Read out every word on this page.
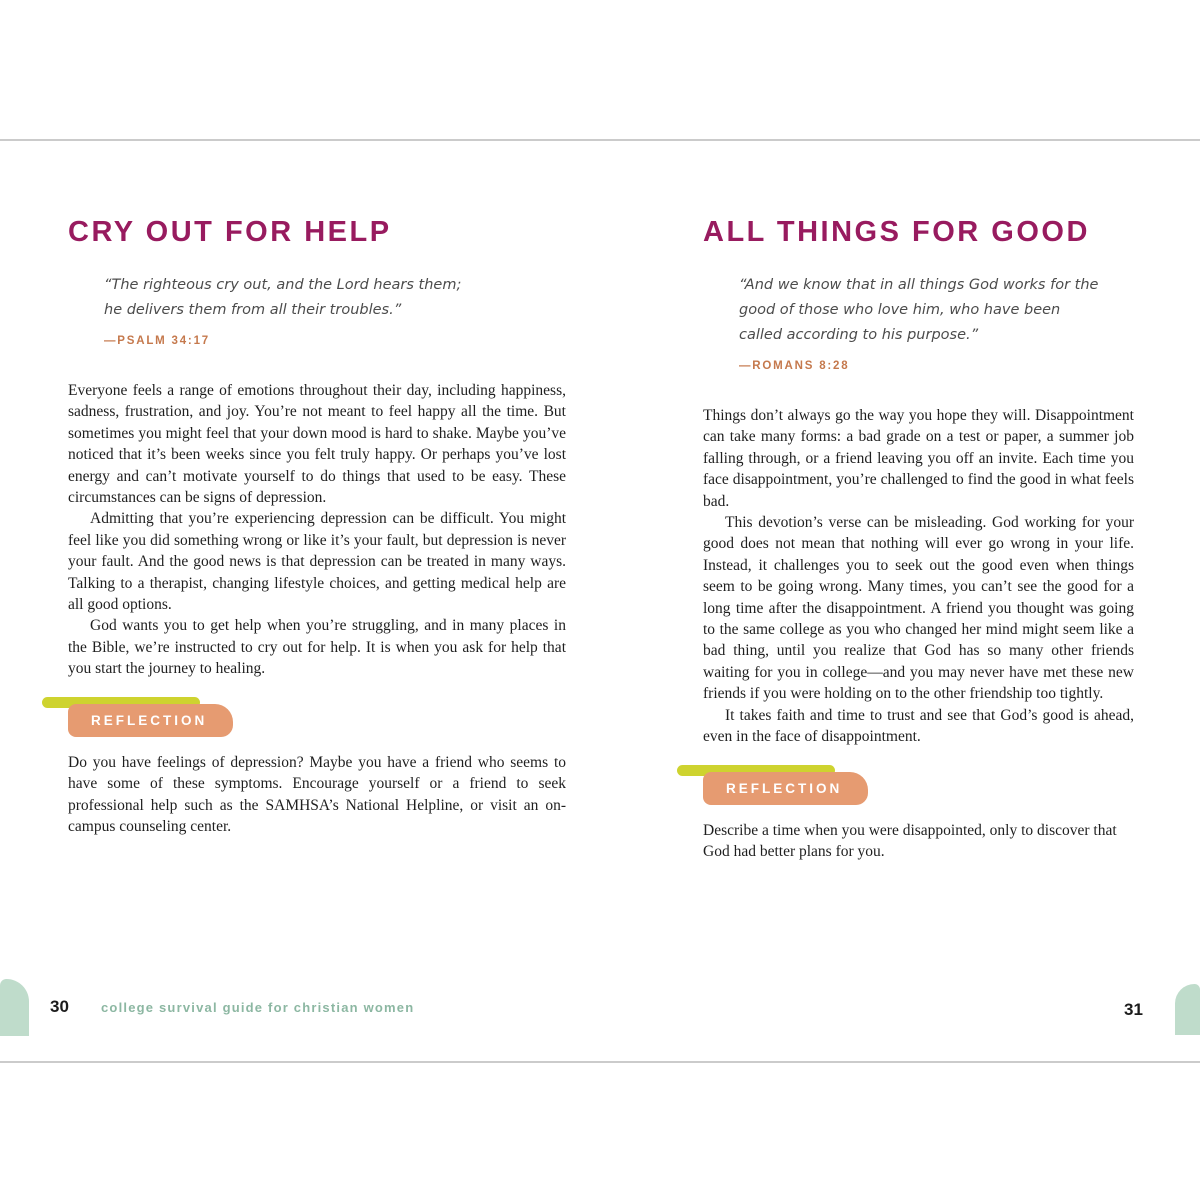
CRY OUT FOR HELP
“The righteous cry out, and the Lord hears them; he delivers them from all their troubles.”
—PSALM 34:17

Everyone feels a range of emotions throughout their day, including happiness, sadness, frustration, and joy. You’re not meant to feel happy all the time. But sometimes you might feel that your down mood is hard to shake. Maybe you’ve noticed that it’s been weeks since you felt truly happy. Or perhaps you’ve lost energy and can’t motivate yourself to do things that used to be easy. These circumstances can be signs of depression.

Admitting that you’re experiencing depression can be difficult. You might feel like you did something wrong or like it’s your fault, but depression is never your fault. And the good news is that depression can be treated in many ways. Talking to a therapist, changing lifestyle choices, and getting medical help are all good options.

God wants you to get help when you’re struggling, and in many places in the Bible, we’re instructed to cry out for help. It is when you ask for help that you start the journey to healing.

REFLECTION
Do you have feelings of depression? Maybe you have a friend who seems to have some of these symptoms. Encourage yourself or a friend to seek professional help such as the SAMHSA’s National Helpline, or visit an on-campus counseling center.
ALL THINGS FOR GOOD
“And we know that in all things God works for the good of those who love him, who have been called according to his purpose.”
—ROMANS 8:28

Things don’t always go the way you hope they will. Disappointment can take many forms: a bad grade on a test or paper, a summer job falling through, or a friend leaving you off an invite. Each time you face disappointment, you’re challenged to find the good in what feels bad.

This devotion’s verse can be misleading. God working for your good does not mean that nothing will ever go wrong in your life. Instead, it challenges you to seek out the good even when things seem to be going wrong. Many times, you can’t see the good for a long time after the disappointment. A friend you thought was going to the same college as you who changed her mind might seem like a bad thing, until you realize that God has so many other friends waiting for you in college—and you may never have met these new friends if you were holding on to the other friendship too tightly.

It takes faith and time to trust and see that God’s good is ahead, even in the face of disappointment.

REFLECTION
Describe a time when you were disappointed, only to discover that God had better plans for you.
30 college survival guide for christian women	31
